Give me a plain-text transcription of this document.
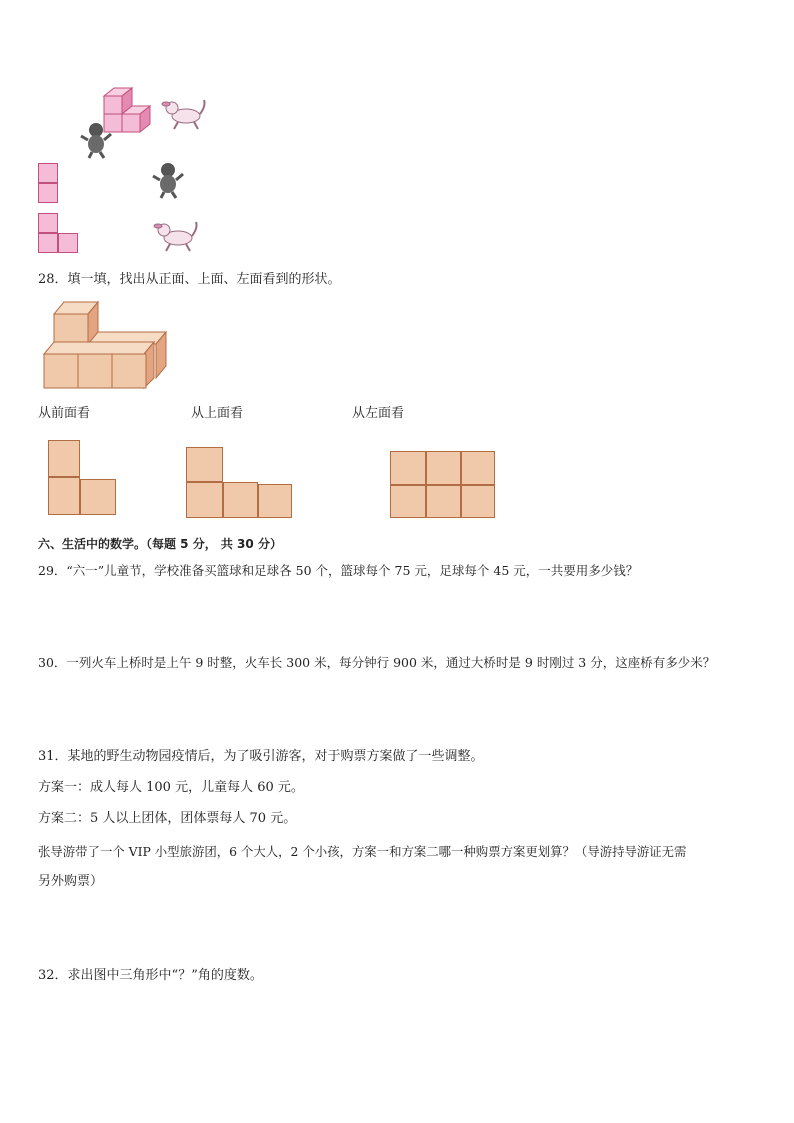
28．填一填，找出从正面、上面、左面看到的形状。
从前面看	从上面看	从左面看
六、生活中的数学。（每题 5 分， 共 30 分）
29．“六一”儿童节，学校准备买篮球和足球各 50 个，篮球每个 75 元，足球每个 45 元，一共要用多少钱？
30．一列火车上桥时是上午 9 时整，火车长 300 米，每分钟行 900 米，通过大桥时是 9 时刚过 3 分，这座桥有多少米？
31．某地的野生动物园疫情后，为了吸引游客，对于购票方案做了一些调整。
方案一：成人每人 100 元，儿童每人 60 元。
方案二：5 人以上团体，团体票每人 70 元。
张导游带了一个 VIP 小型旅游团，6 个大人，2 个小孩，方案一和方案二哪一种购票方案更划算？（导游持导游证无需
另外购票）
32．求出图中三角形中“？”角的度数。
